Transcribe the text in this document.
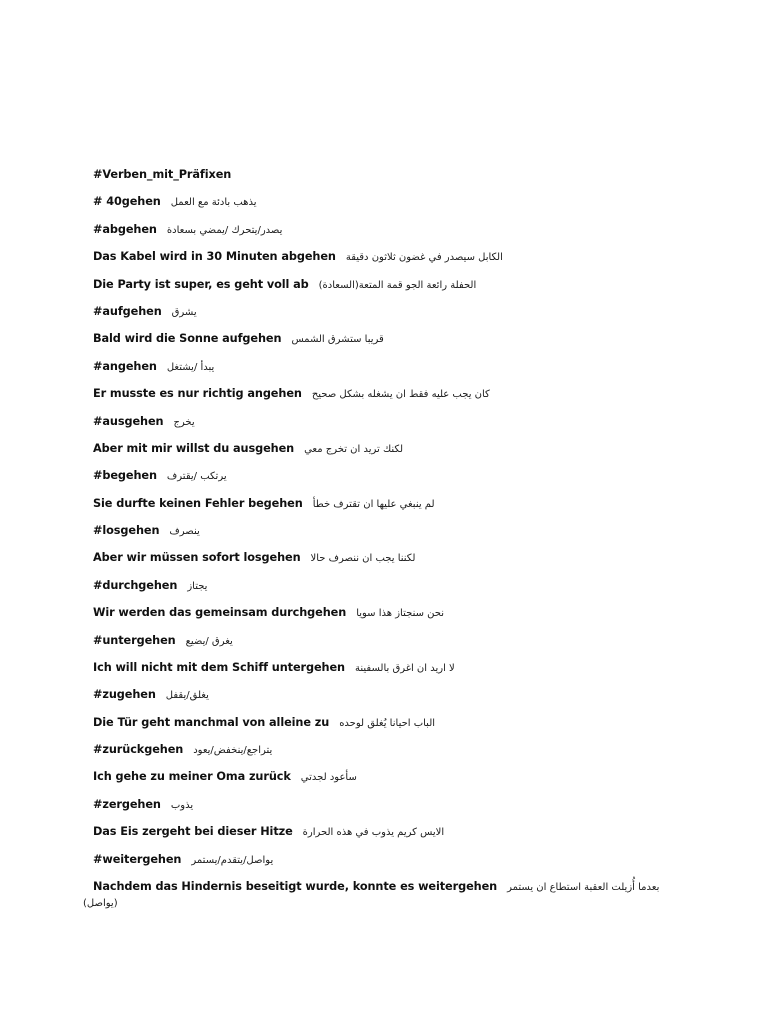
#Verben_mit_Präfixen
# 40gehen يذهب بادئة مع العمل
#abgehen يصدر/يتحرك /يمضي بسعادة
Das Kabel wird in 30 Minuten abgehen الكابل سيصدر في غضون ثلاثون دقيقة
Die Party ist super, es geht voll ab الحفلة رائعة الجو قمة المتعة(السعادة)
#aufgehen يشرق
Bald wird die Sonne aufgehen قريبا ستشرق الشمس
#angehen يبدأ /يشتغل
Er musste es nur richtig angehen كان يجب عليه فقط ان يشغله بشكل صحيح
#ausgehen يخرج
Aber mit mir willst du ausgehen لكنك تريد ان تخرج معي
#begehen يرتكب /يقترف
Sie durfte keinen Fehler begehen لم ينبغي عليها ان تقترف خطأ
#losgehen ينصرف
Aber wir müssen sofort losgehen لكننا يجب ان ننصرف حالا
#durchgehen يجتاز
Wir werden das gemeinsam durchgehen نحن سنجتاز هذا سويا
#untergehen يغرق /يضيع
Ich will nicht mit dem Schiff untergehen لا اريد ان اغرق بالسفينة
#zugehen يغلق/يقفل
Die Tür geht manchmal von alleine zu الباب احيانا يُغلق لوحده
#zurückgehen يتراجع/ينخفض/يعود
Ich gehe zu meiner Oma zurück سأعود لجدتي
#zergehen يذوب
Das Eis zergeht bei dieser Hitze الايس كريم يذوب في هذه الحرارة
#weitergehen يواصل/يتقدم/يستمر
Nachdem das Hindernis beseitigt wurde, konnte es weitergehen بعدما أُزيلت العقبة استطاع ان يستمر
(يواصل)
